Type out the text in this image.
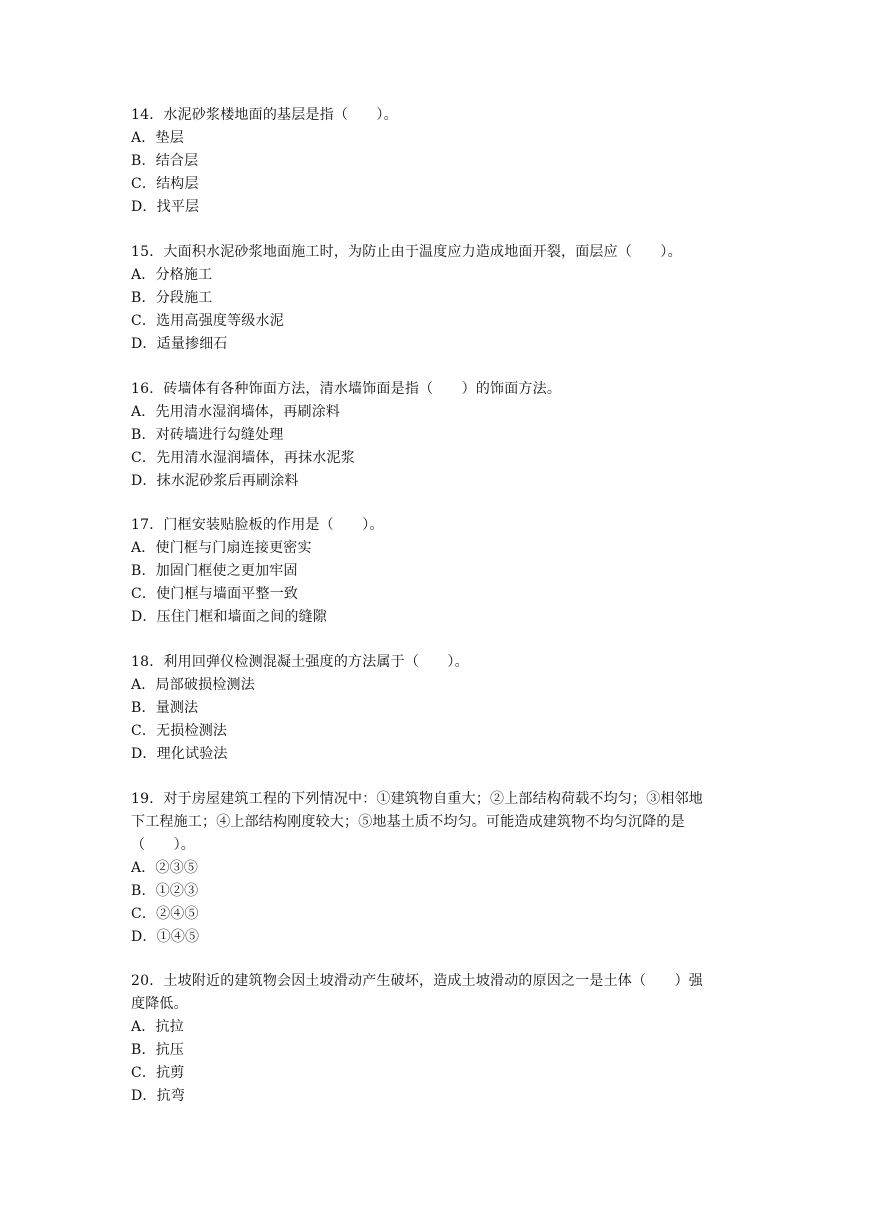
14．水泥砂浆楼地面的基层是指（　　）。
A．垫层
B．结合层
C．结构层
D．找平层
15．大面积水泥砂浆地面施工时，为防止由于温度应力造成地面开裂，面层应（　　）。
A．分格施工
B．分段施工
C．选用高强度等级水泥
D．适量掺细石
16．砖墙体有各种饰面方法，清水墙饰面是指（　　）的饰面方法。
A．先用清水湿润墙体，再刷涂料
B．对砖墙进行勾缝处理
C．先用清水湿润墙体，再抹水泥浆
D．抹水泥砂浆后再刷涂料
17．门框安装贴脸板的作用是（　　）。
A．使门框与门扇连接更密实
B．加固门框使之更加牢固
C．使门框与墙面平整一致
D．压住门框和墙面之间的缝隙
18．利用回弹仪检测混凝土强度的方法属于（　　）。
A．局部破损检测法
B．量测法
C．无损检测法
D．理化试验法
19．对于房屋建筑工程的下列情况中：①建筑物自重大；②上部结构荷载不均匀；③相邻地
下工程施工；④上部结构刚度较大；⑤地基土质不均匀。可能造成建筑物不均匀沉降的是
（　　）。
A．②③⑤
B．①②③
C．②④⑤
D．①④⑤
20．土坡附近的建筑物会因土坡滑动产生破坏，造成土坡滑动的原因之一是土体（　　）强
度降低。
A．抗拉
B．抗压
C．抗剪
D．抗弯
